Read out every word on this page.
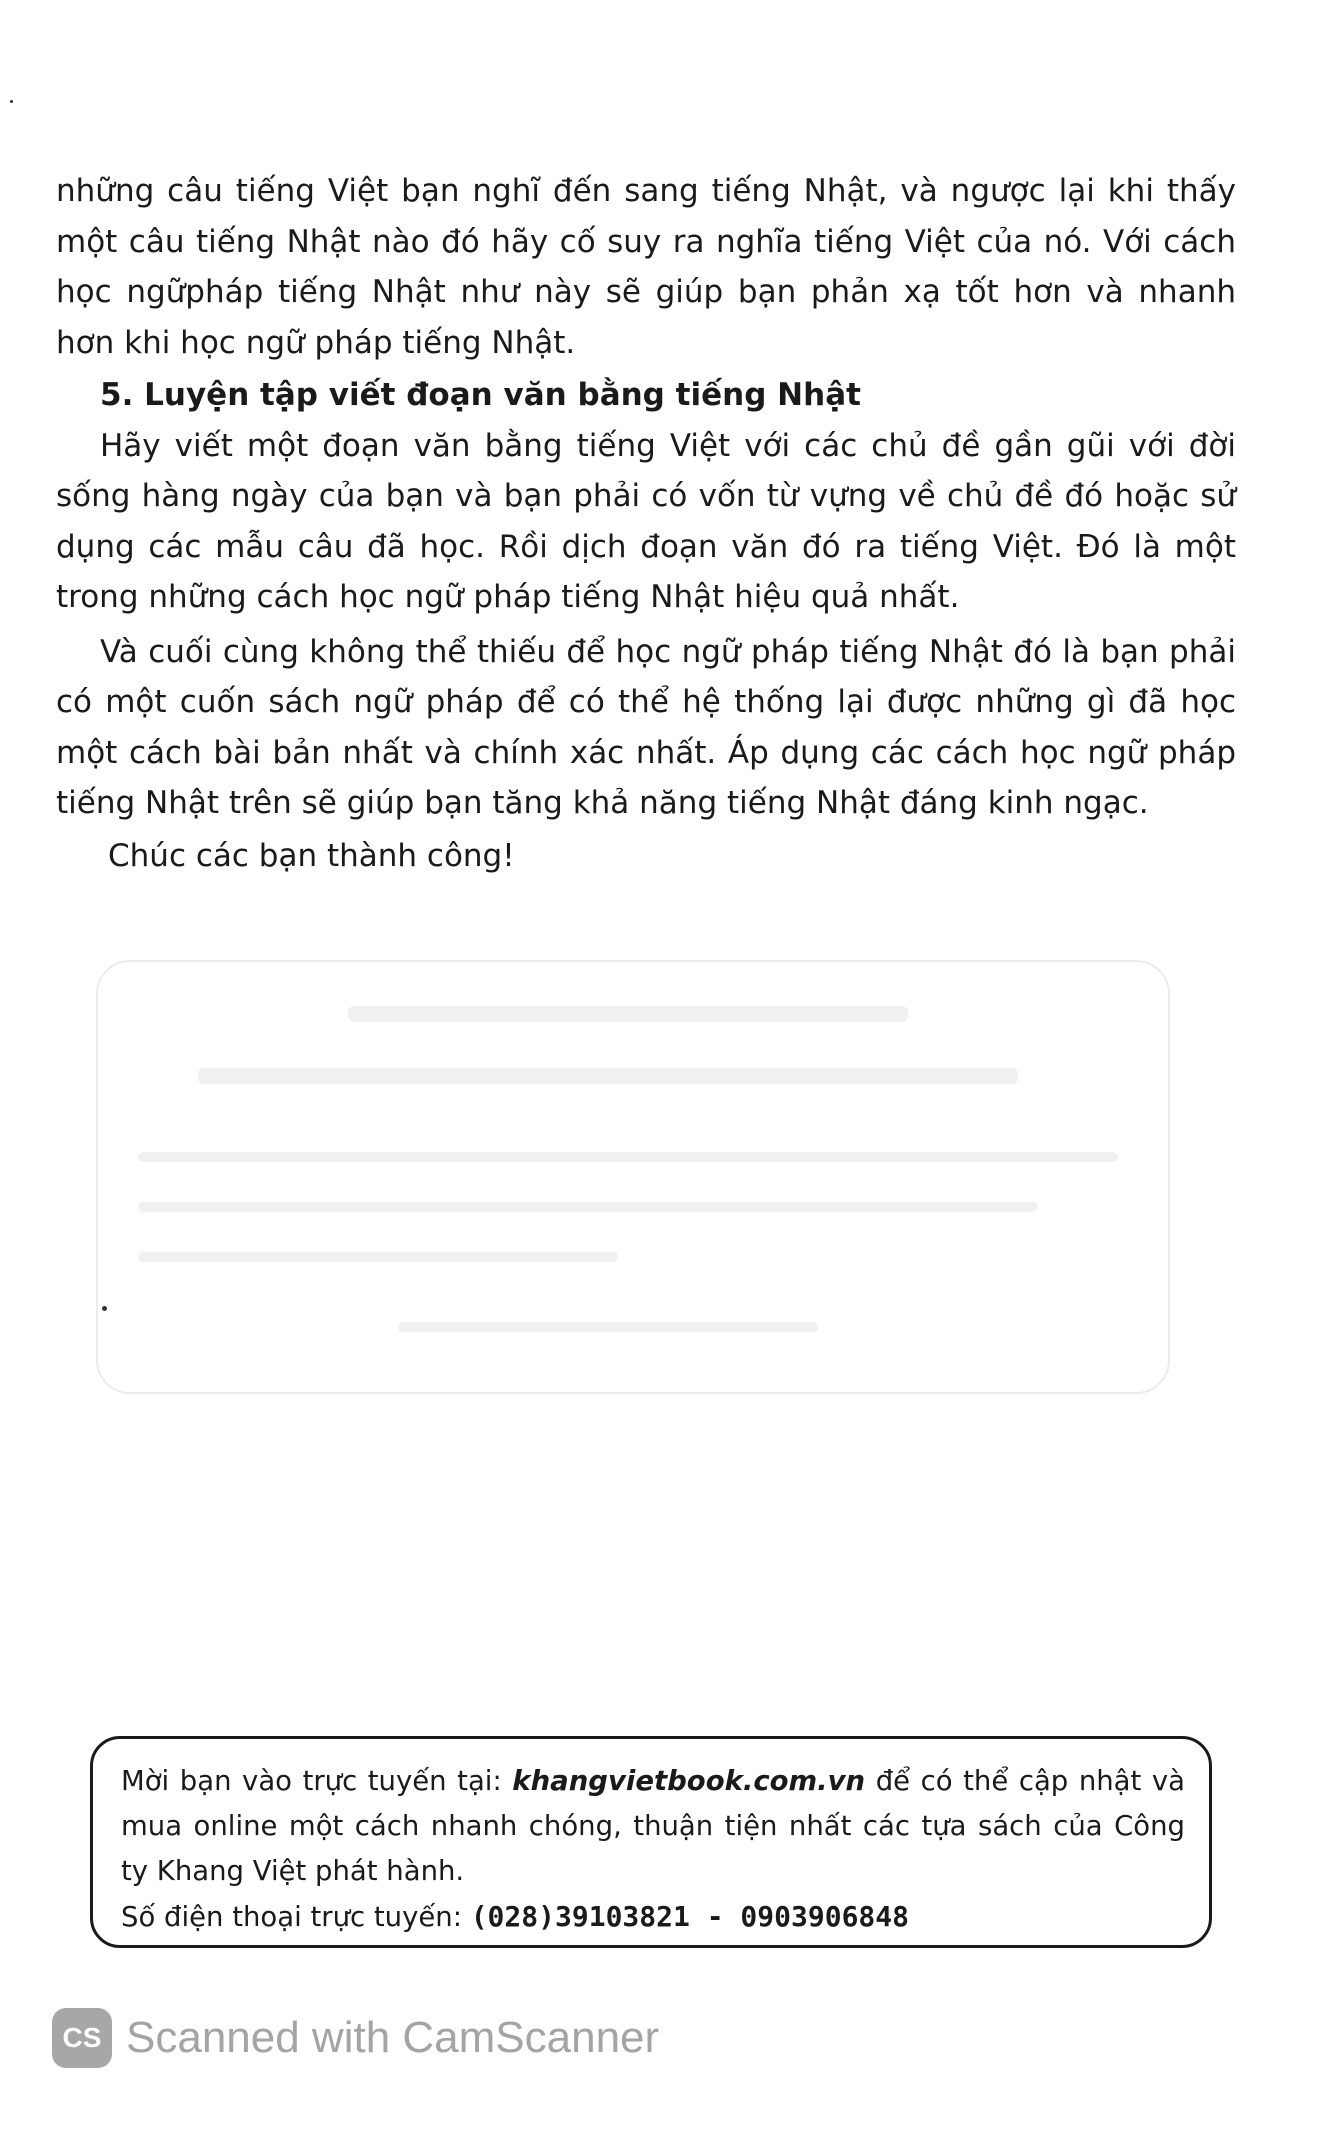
những câu tiếng Việt bạn nghĩ đến sang tiếng Nhật, và ngược lại khi thấy một câu tiếng Nhật nào đó hãy cố suy ra nghĩa tiếng Việt của nó. Với cách học ngữpháp tiếng Nhật như này sẽ giúp bạn phản xạ tốt hơn và nhanh hơn khi học ngữ pháp tiếng Nhật.

5. Luyện tập viết đoạn văn bằng tiếng Nhật

Hãy viết một đoạn văn bằng tiếng Việt với các chủ đề gần gũi với đời sống hàng ngày của bạn và bạn phải có vốn từ vựng về chủ đề đó hoặc sử dụng các mẫu câu đã học. Rồi dịch đoạn văn đó ra tiếng Việt. Đó là một trong những cách học ngữ pháp tiếng Nhật hiệu quả nhất.

Và cuối cùng không thể thiếu để học ngữ pháp tiếng Nhật đó là bạn phải có một cuốn sách ngữ pháp để có thể hệ thống lại được những gì đã học một cách bài bản nhất và chính xác nhất. Áp dụng các cách học ngữ pháp tiếng Nhật trên sẽ giúp bạn tăng khả năng tiếng Nhật đáng kinh ngạc.

Chúc các bạn thành công!

Mời bạn vào trực tuyến tại: khangvietbook.com.vn để có thể cập nhật và mua online một cách nhanh chóng, thuận tiện nhất các tựa sách của Công ty Khang Việt phát hành.

Số điện thoại trực tuyến: (028)39103821 - 0903906848

CS Scanned with CamScanner
